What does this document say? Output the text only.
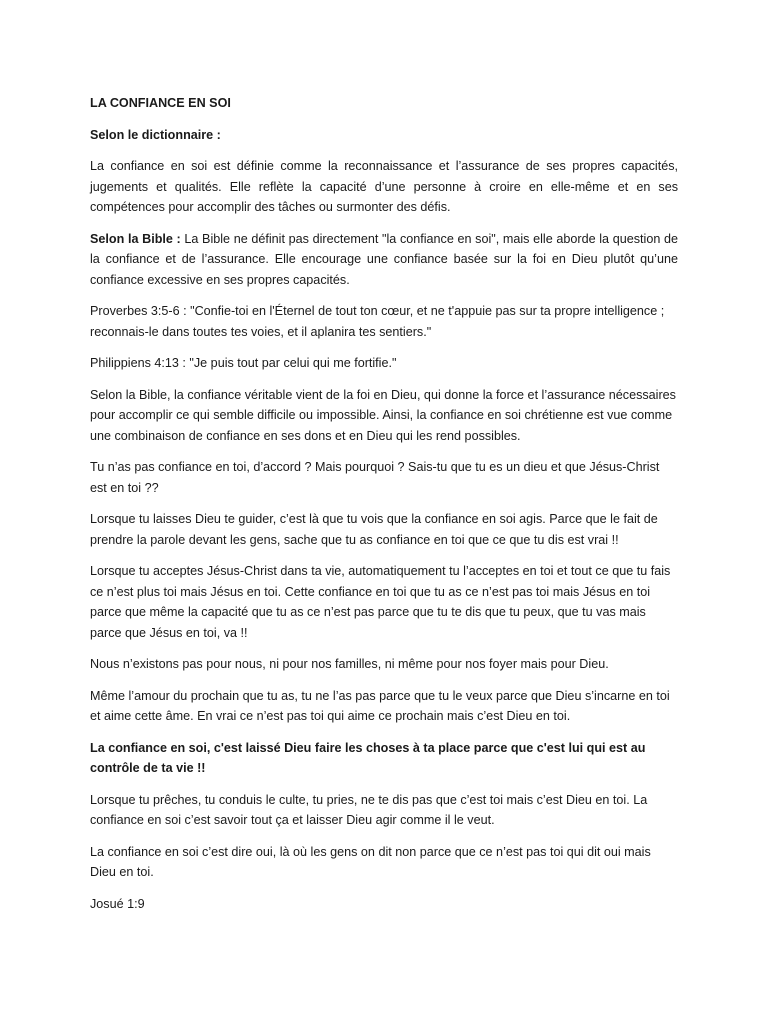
LA CONFIANCE EN SOI

Selon le dictionnaire :

La confiance en soi est définie comme la reconnaissance et l’assurance de ses propres capacités, jugements et qualités. Elle reflète la capacité d’une personne à croire en elle-même et en ses compétences pour accomplir des tâches ou surmonter des défis.

Selon la Bible : La Bible ne définit pas directement "la confiance en soi", mais elle aborde la question de la confiance et de l’assurance. Elle encourage une confiance basée sur la foi en Dieu plutôt qu’une confiance excessive en ses propres capacités.

Proverbes 3:5-6 : "Confie-toi en l'Éternel de tout ton cœur, et ne t'appuie pas sur ta propre intelligence ; reconnais-le dans toutes tes voies, et il aplanira tes sentiers."

Philippiens 4:13 : "Je puis tout par celui qui me fortifie."

Selon la Bible, la confiance véritable vient de la foi en Dieu, qui donne la force et l’assurance nécessaires pour accomplir ce qui semble difficile ou impossible. Ainsi, la confiance en soi chrétienne est vue comme une combinaison de confiance en ses dons et en Dieu qui les rend possibles.

Tu n’as pas confiance en toi, d’accord ? Mais pourquoi ? Sais-tu que tu es un dieu et que Jésus-Christ est en toi ??

Lorsque tu laisses Dieu te guider, c’est là que tu vois que la confiance en soi agis. Parce que le fait de prendre la parole devant les gens, sache que tu as confiance en toi que ce que tu dis est vrai !!

Lorsque tu acceptes Jésus-Christ dans ta vie, automatiquement tu l’acceptes en toi et tout ce que tu fais ce n’est plus toi mais Jésus en toi. Cette confiance en toi que tu as ce n’est pas toi mais Jésus en toi parce que même la capacité que tu as ce n’est pas parce que tu te dis que tu peux, que tu vas mais parce que Jésus en toi, va !!

Nous n’existons pas pour nous, ni pour nos familles, ni même pour nos foyer mais pour Dieu.

Même l’amour du prochain que tu as, tu ne l’as pas parce que tu le veux parce que Dieu s’incarne en toi et aime cette âme. En vrai ce n’est pas toi qui aime ce prochain mais c’est Dieu en toi.

La confiance en soi, c'est laissé Dieu faire les choses à ta place parce que c'est lui qui est au contrôle de ta vie !!

Lorsque tu prêches, tu conduis le culte, tu pries, ne te dis pas que c’est toi mais c’est Dieu en toi. La confiance en soi c’est savoir tout ça et laisser Dieu agir comme il le veut.

La confiance en soi c’est dire oui, là où les gens on dit non parce que ce n’est pas toi qui dit oui mais Dieu en toi.

Josué 1:9
